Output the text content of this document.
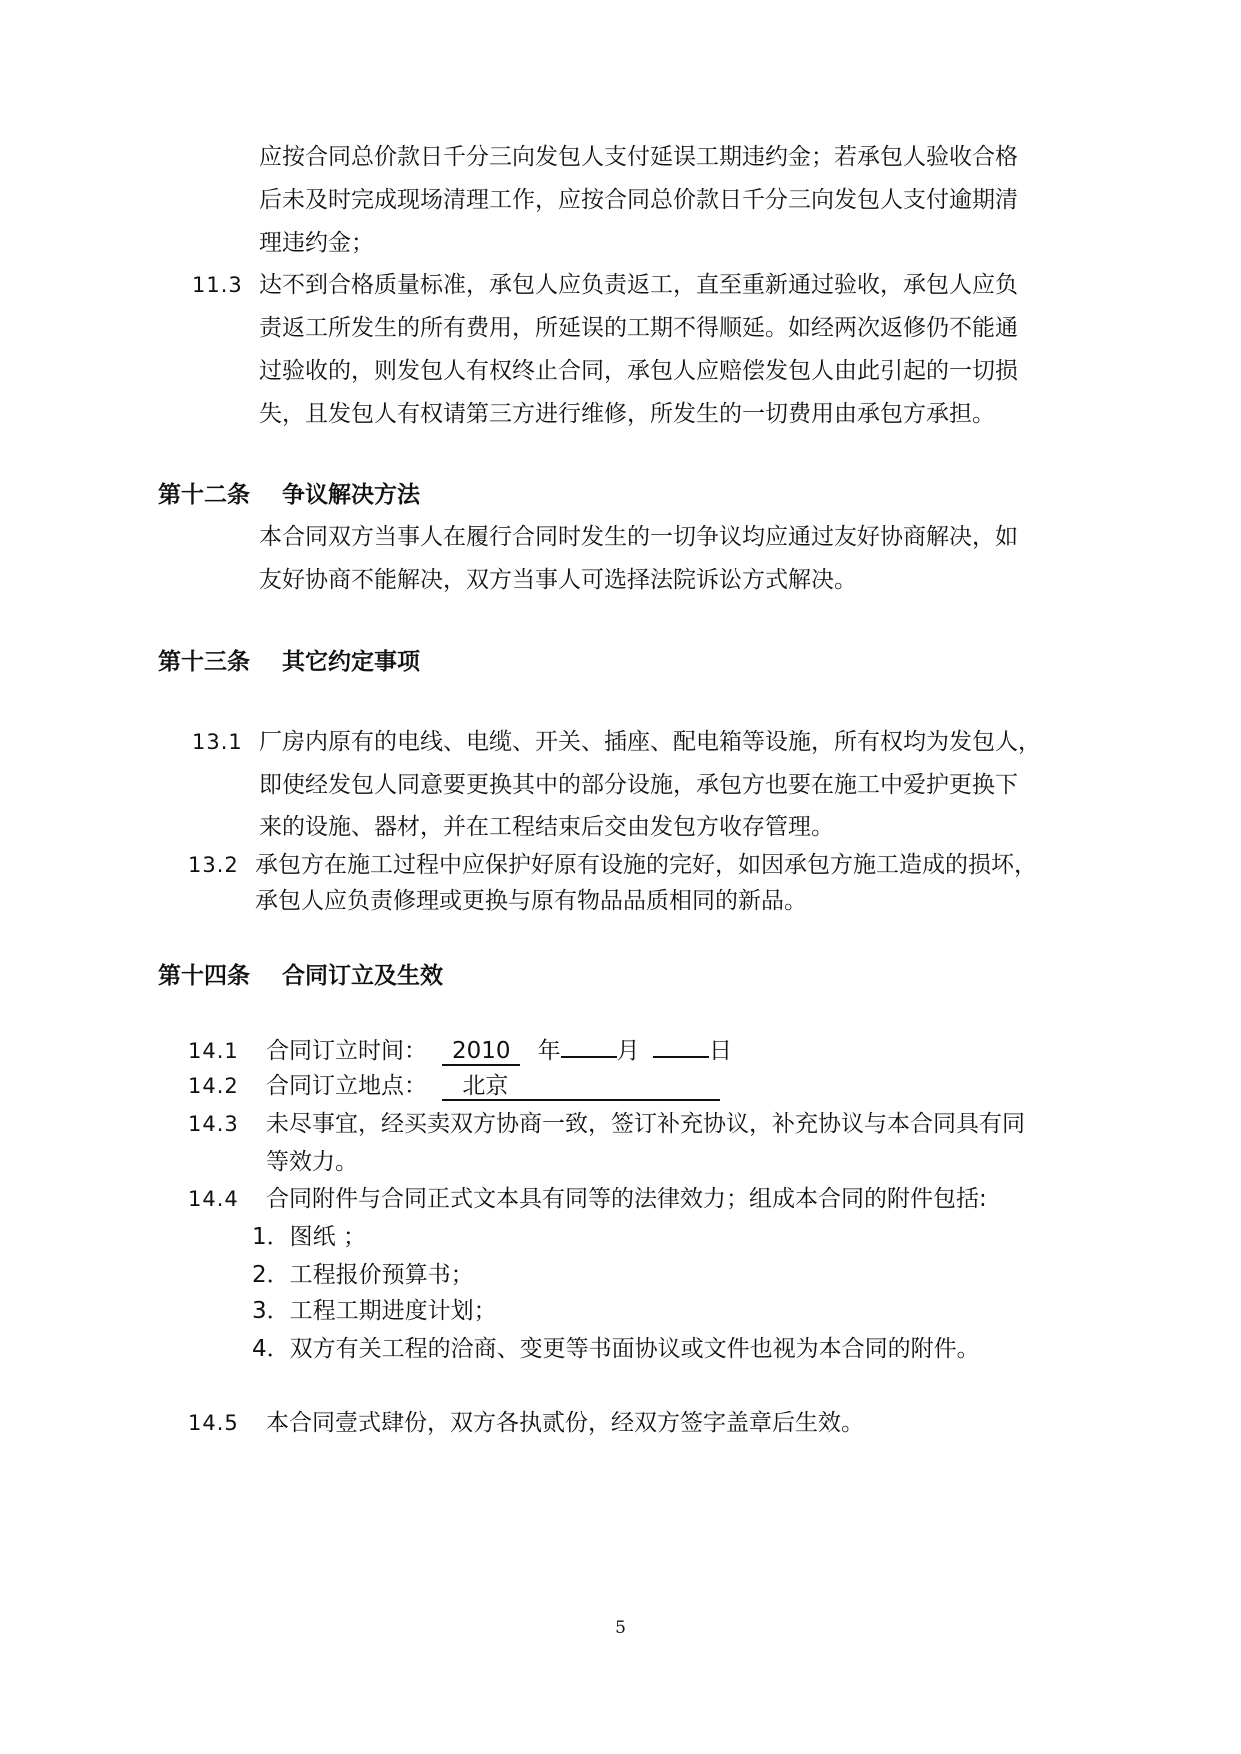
应按合同总价款日千分三向发包人支付延误工期违约金；若承包人验收合格
后未及时完成现场清理工作，应按合同总价款日千分三向发包人支付逾期清
理违约金；
11.3 达不到合格质量标准，承包人应负责返工，直至重新通过验收，承包人应负
责返工所发生的所有费用，所延误的工期不得顺延。如经两次返修仍不能通
过验收的，则发包人有权终止合同，承包人应赔偿发包人由此引起的一切损
失，且发包人有权请第三方进行维修，所发生的一切费用由承包方承担。
第十二条    争议解决方法
本合同双方当事人在履行合同时发生的一切争议均应通过友好协商解决，如
友好协商不能解决，双方当事人可选择法院诉讼方式解决。
第十三条    其它约定事项
13.1 厂房内原有的电线、电缆、开关、插座、配电箱等设施，所有权均为发包人，
即使经发包人同意要更换其中的部分设施，承包方也要在施工中爱护更换下
来的设施、器材，并在工程结束后交由发包方收存管理。
13.2 承包方在施工过程中应保护好原有设施的完好，如因承包方施工造成的损坏，
承包人应负责修理或更换与原有物品品质相同的新品。
第十四条    合同订立及生效
14.1 合同订立时间： 2010 年 月	日
14.2 合同订立地点： 北京
14.3 未尽事宜，经买卖双方协商一致，签订补充协议，补充协议与本合同具有同
等效力。
14.4 合同附件与合同正式文本具有同等的法律效力；组成本合同的附件包括:
1．图纸 ；
2．工程报价预算书；
3．工程工期进度计划；
4．双方有关工程的洽商、变更等书面协议或文件也视为本合同的附件。
14.5 本合同壹式肆份，双方各执贰份，经双方签字盖章后生效。
5
